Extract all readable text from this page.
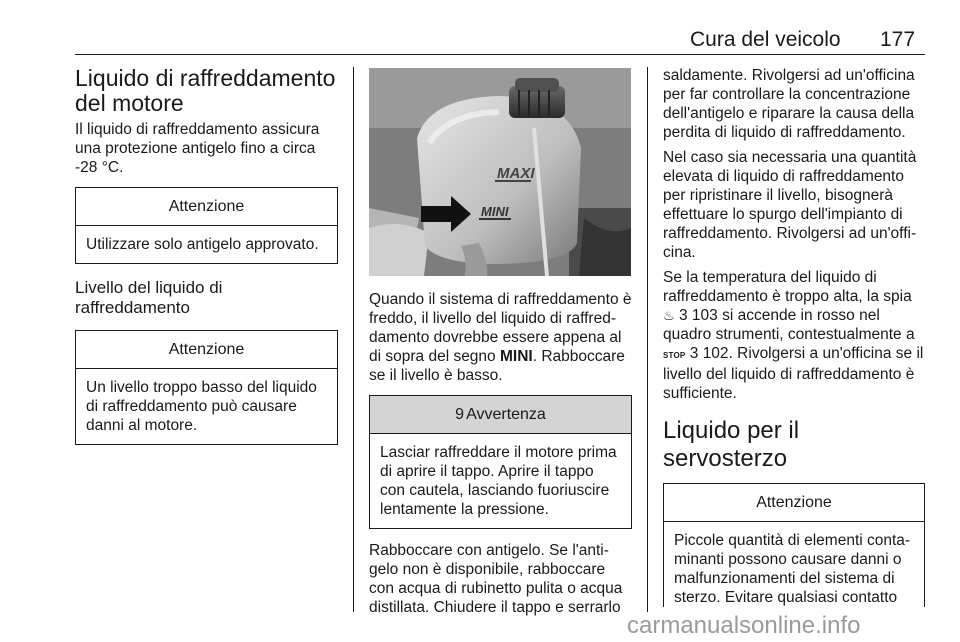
Cura del veicolo 177
Liquido di raffreddamento del motore

Il liquido di raffreddamento assicura una protezione antigelo fino a circa -28 °C.

Attenzione
Utilizzare solo antigelo approvato.
Livello del liquido di raffreddamento
Attenzione
Un livello troppo basso del liquido di raffreddamento può causare danni al motore.
MAXI
MINI

Quando il sistema di raffreddamento è freddo, il livello del liquido di raffred-damento dovrebbe essere appena al di sopra del segno MINI. Rabboccare se il livello è basso.

9 Avvertenza
Lasciar raffreddare il motore prima di aprire il tappo. Aprire il tappo con cautela, lasciando fuoriuscire lentamente la pressione.

Rabboccare con antigelo. Se l'anti-gelo non è disponibile, rabboccare con acqua di rubinetto pulita o acqua distillata. Chiudere il tappo e serrarlo

saldamente. Rivolgersi ad un'officina per far controllare la concentrazione dell'antigelo e riparare la causa della perdita di liquido di raffreddamento.

Nel caso sia necessaria una quantità elevata di liquido di raffreddamento per ripristinare il livello, bisognerà effettuare lo spurgo dell'impianto di raffreddamento. Rivolgersi ad un'offi-cina.

Se la temperatura del liquido di raffreddamento è troppo alta, la spia ♨ 3 103 si accende in rosso nel quadro strumenti, contestualmente a STOP 3 102. Rivolgersi a un'officina se il livello del liquido di raffreddamento è sufficiente.

Liquido per il servosterzo
Attenzione
Piccole quantità di elementi conta-minanti possono causare danni o malfunzionamenti del sistema di sterzo. Evitare qualsiasi contatto
carmanualsonline.info
